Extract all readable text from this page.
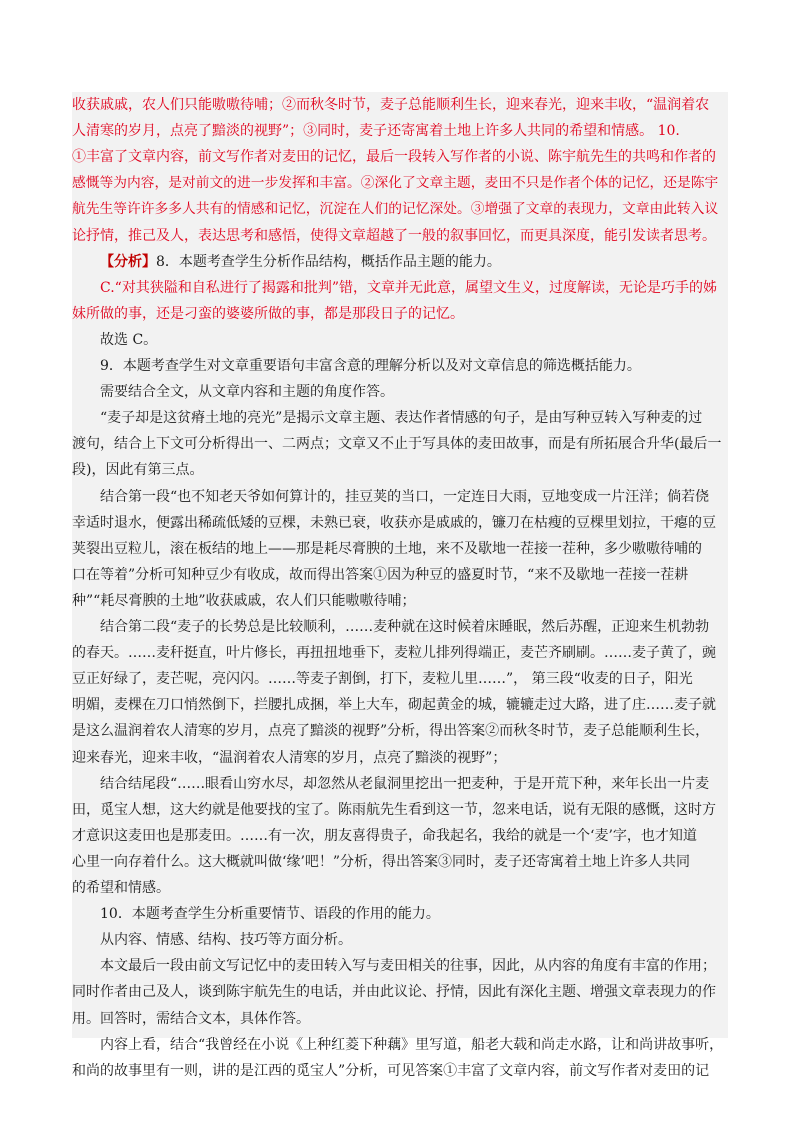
收获戚戚，农人们只能嗷嗷待哺；②而秋冬时节，麦子总能顺利生长，迎来春光，迎来丰收，“温润着农
人清寒的岁月，点亮了黯淡的视野”；③同时，麦子还寄寓着土地上许多人共同的希望和情感。 10.
①丰富了文章内容，前文写作者对麦田的记忆，最后一段转入写作者的小说、陈宇航先生的共鸣和作者的
感慨等为内容，是对前文的进一步发挥和丰富。②深化了文章主题，麦田不只是作者个体的记忆，还是陈宇
航先生等许许多多人共有的情感和记忆，沉淀在人们的记忆深处。③增强了文章的表现力，文章由此转入议
论抒情，推己及人，表达思考和感悟，使得文章超越了一般的叙事回忆，而更具深度，能引发读者思考。
【分析】8．本题考查学生分析作品结构，概括作品主题的能力。
C.“对其狭隘和自私进行了揭露和批判”错，文章并无此意，属望文生义，过度解读，无论是巧手的姊
妹所做的事，还是刁蛮的婆婆所做的事，都是那段日子的记忆。
故选 C。
9．本题考查学生对文章重要语句丰富含意的理解分析以及对文章信息的筛选概括能力。
需要结合全文，从文章内容和主题的角度作答。
“麦子却是这贫瘠土地的亮光”是揭示文章主题、表达作者情感的句子，是由写种豆转入写种麦的过
渡句，结合上下文可分析得出一、二两点；文章又不止于写具体的麦田故事，而是有所拓展合升华(最后一
段)，因此有第三点。
结合第一段“也不知老天爷如何算计的，挂豆荚的当口，一定连日大雨，豆地变成一片汪洋；倘若侥
幸适时退水，便露出稀疏低矮的豆棵，未熟已衰，收获亦是戚戚的，镰刀在枯瘦的豆棵里划拉，干瘪的豆
荚裂出豆粒儿，滚在板结的地上——那是耗尽膏腴的土地，来不及歇地一茬接一茬种，多少嗷嗷待哺的
口在等着”分析可知种豆少有收成，故而得出答案①因为种豆的盛夏时节，“来不及歇地一茬接一茬耕
种”“耗尽膏腴的土地”收获戚戚，农人们只能嗷嗷待哺；
结合第二段“麦子的长势总是比较顺利，……麦种就在这时候着床睡眠，然后苏醒，正迎来生机勃勃
的春天。……麦秆挺直，叶片修长，再扭扭地垂下，麦粒儿排列得端正，麦芒齐刷刷。……麦子黄了，豌
豆正好绿了，麦芒呢，亮闪闪。……等麦子割倒，打下，麦粒儿里……”， 第三段“收麦的日子，阳光
明媚，麦棵在刀口悄然倒下，拦腰扎成捆，举上大车，砌起黄金的城，辘辘走过大路，进了庄……麦子就
是这么温润着农人清寒的岁月，点亮了黯淡的视野”分析，得出答案②而秋冬时节，麦子总能顺利生长，
迎来春光，迎来丰收，“温润着农人清寒的岁月，点亮了黯淡的视野”；
结合结尾段“……眼看山穷水尽，却忽然从老鼠洞里挖出一把麦种，于是开荒下种，来年长出一片麦
田，觅宝人想，这大约就是他要找的宝了。陈雨航先生看到这一节，忽来电话，说有无限的感慨，这时方
才意识这麦田也是那麦田。……有一次，朋友喜得贵子，命我起名，我给的就是一个‘麦’字，也才知道
心里一向存着什么。这大概就叫做‘缘’吧！”分析，得出答案③同时，麦子还寄寓着土地上许多人共同
的希望和情感。
10．本题考查学生分析重要情节、语段的作用的能力。
从内容、情感、结构、技巧等方面分析。
本文最后一段由前文写记忆中的麦田转入写与麦田相关的往事，因此，从内容的角度有丰富的作用；
同时作者由己及人，谈到陈宇航先生的电话，并由此议论、抒情，因此有深化主题、增强文章表现力的作
用。回答时，需结合文本，具体作答。
内容上看，结合“我曾经在小说《上种红菱下种藕》里写道，船老大载和尚走水路，让和尚讲故事听，
和尚的故事里有一则，讲的是江西的觅宝人”分析，可见答案①丰富了文章内容，前文写作者对麦田的记
